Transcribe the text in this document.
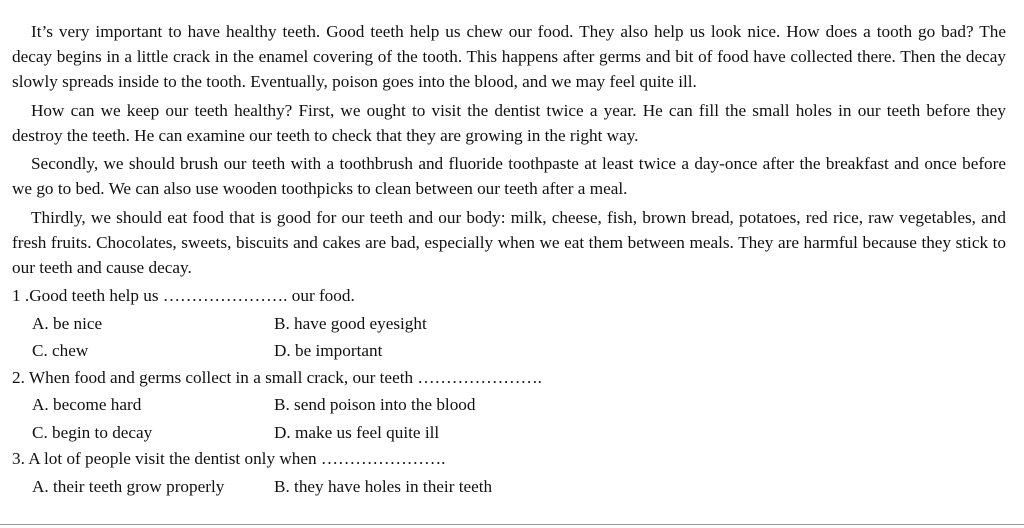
It’s very important to have healthy teeth. Good teeth help us chew our food. They also help us look nice. How does a tooth go bad? The decay begins in a little crack in the enamel covering of the tooth. This happens after germs and bit of food have collected there. Then the decay slowly spreads inside to the tooth. Eventually, poison goes into the blood, and we may feel quite ill.

How can we keep our teeth healthy? First, we ought to visit the dentist twice a year. He can fill the small holes in our teeth before they destroy the teeth. He can examine our teeth to check that they are growing in the right way.

Secondly, we should brush our teeth with a toothbrush and fluoride toothpaste at least twice a day-once after the breakfast and once before we go to bed. We can also use wooden toothpicks to clean between our teeth after a meal.

Thirdly, we should eat food that is good for our teeth and our body: milk, cheese, fish, brown bread, potatoes, red rice, raw vegetables, and fresh fruits. Chocolates, sweets, biscuits and cakes are bad, especially when we eat them between meals. They are harmful because they stick to our teeth and cause decay.

1 .Good teeth help us …………………. our food.
A. be nice	B. have good eyesight
C. chew	D. be important
2. When food and germs collect in a small crack, our teeth ………………….
A. become hard	B. send poison into the blood
C. begin to decay	D. make us feel quite ill
3. A lot of people visit the dentist only when ………………….
A. their teeth grow properly	B. they have holes in their teeth
